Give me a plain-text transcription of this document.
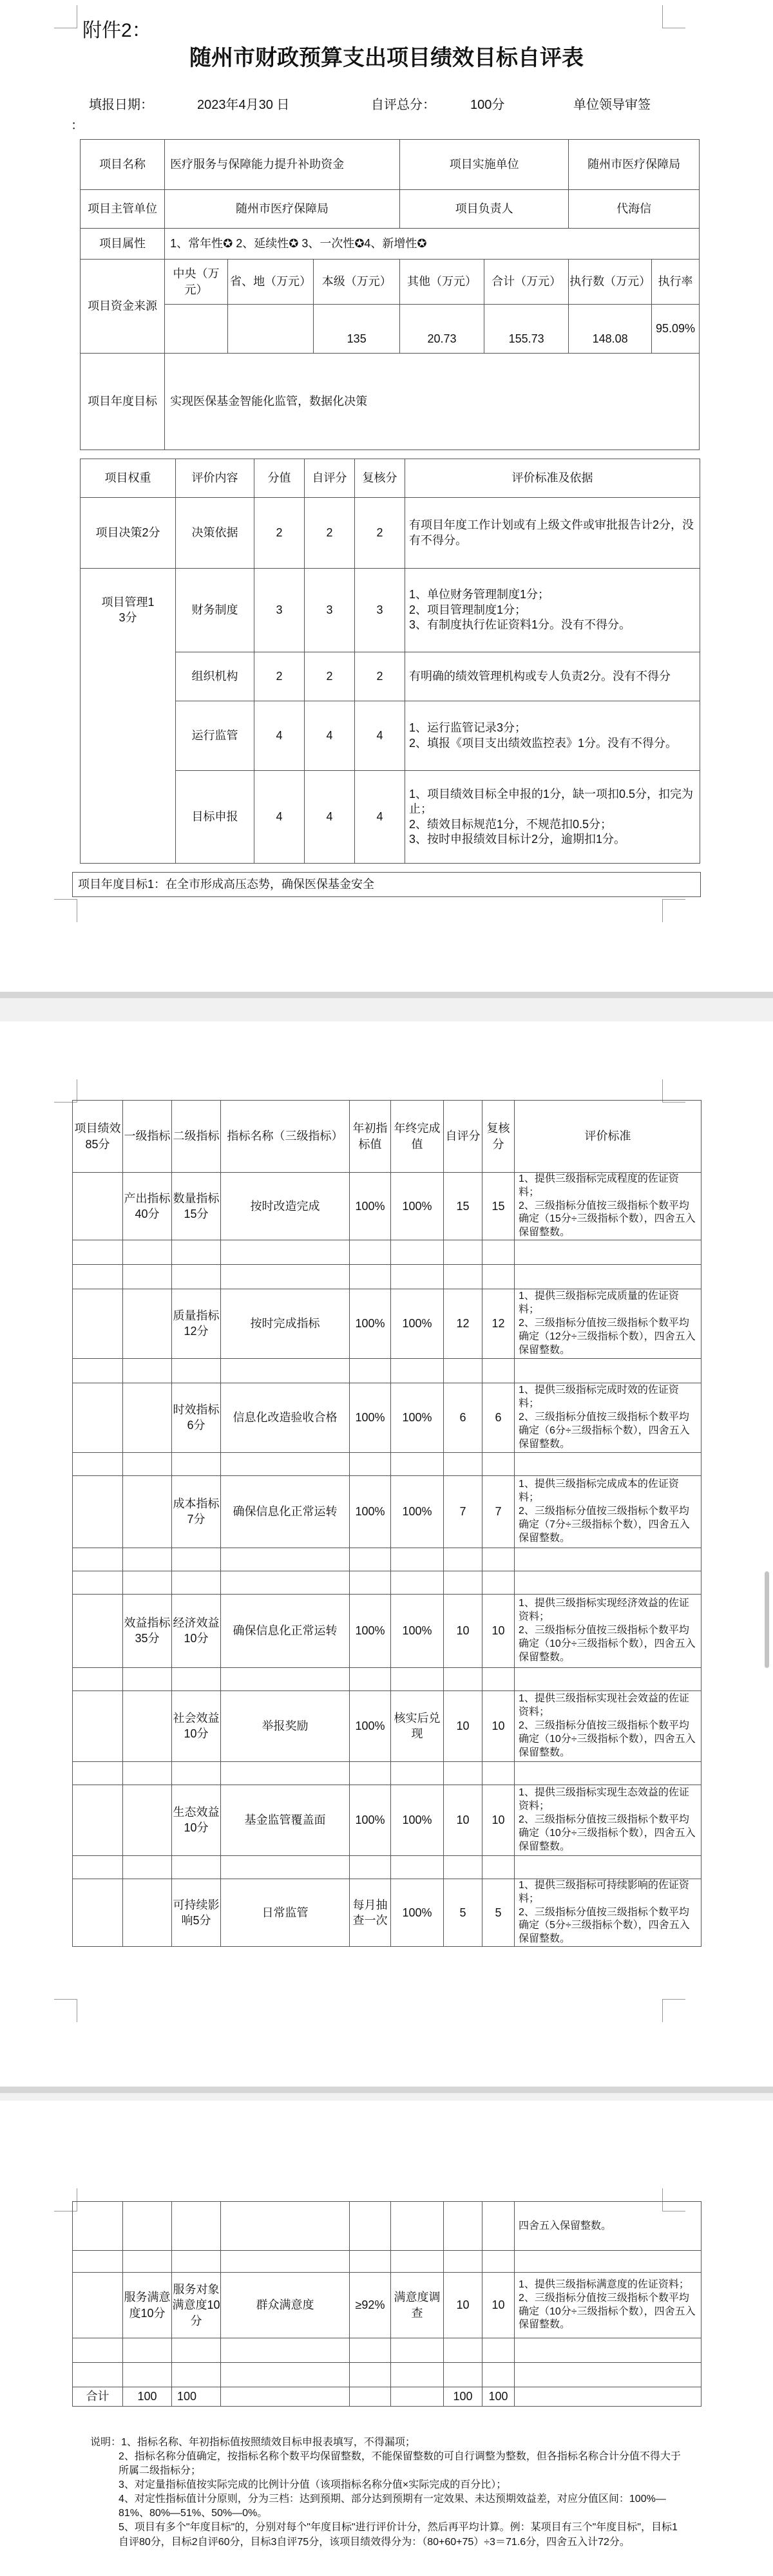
附件2：
随州市财政预算支出项目绩效目标自评表
填报日期：	2023年4月30 日
：
自评总分：	100分	单位领导审签
项目名称	医疗服务与保障能力提升补助资金			项目实施单位		随州市医疗保障局	
项目主管单位	随州市医疗保障局			项目负责人		代海信	
项目属性	1、常年性✪ 2、延续性✪ 3、一次性✪4、新增性✪						
项目资金来源	中央（万元）	省、地（万元）	本级（万元）	其他（万元）	合计（万元）	执行数（万元）	执行率
			135	20.73	155.73	148.08	95.09%
项目年度目标	实现医保基金智能化监管，数据化决策						
项目权重	评价内容	分值	自评分	复核分	评价标准及依据
项目决策2分	决策依据	2	2	2	有项目年度工作计划或有上级文件或审批报告计2分，没有不得分。

项目管理13分	财务制度	3	3	3	1、单位财务管理制度1分；
2、项目管理制度1分；
3、有制度执行佐证资料1分。没有不得分。

	组织机构	2	2	2	有明确的绩效管理机构或专人负责2分。没有不得分

	运行监管	4	4	4	1、运行监管记录3分；
2、填报《项目支出绩效监控表》1分。没有不得分。

	目标申报	4	4	4	1、项目绩效目标全申报的1分，缺一项扣0.5分，扣完为止；
2、绩效目标规范1分，不规范扣0.5分；
3、按时申报绩效目标计2分，逾期扣1分。
项目年度目标1：在全市形成高压态势，确保医保基金安全
项目绩效85分	一级指标	二级指标	指标名称（三级指标）	年初指标值	年终完成值	自评分	复核分	评价标准
	产出指标40分	数量指标15分	按时改造完成	100%	100%	15	15	1、提供三级指标完成程度的佐证资料；
2、三级指标分值按三级指标个数平均确定（15分÷三级指标个数），四舍五入保留整数。

		质量指标12分	按时完成指标	100%	100%	12	12	1、提供三级指标完成质量的佐证资料；
2、三级指标分值按三级指标个数平均确定（12分÷三级指标个数），四舍五入保留整数。

		时效指标6分	信息化改造验收合格	100%	100%	6	6	1、提供三级指标完成时效的佐证资料；
2、三级指标分值按三级指标个数平均确定（6分÷三级指标个数），四舍五入保留整数。

		成本指标7分	确保信息化正常运转	100%	100%	7	7	1、提供三级指标完成成本的佐证资料；
2、三级指标分值按三级指标个数平均确定（7分÷三级指标个数），四舍五入保留整数。

	效益指标35分	经济效益10分	确保信息化正常运转	100%	100%	10	10	1、提供三级指标实现经济效益的佐证资料；
2、三级指标分值按三级指标个数平均确定（10分÷三级指标个数），四舍五入保留整数。

		社会效益10分	举报奖励	100%	核实后兑现	10	10	1、提供三级指标实现社会效益的佐证资料；
2、三级指标分值按三级指标个数平均确定（10分÷三级指标个数），四舍五入保留整数。

		生态效益10分	基金监管覆盖面	100%	100%	10	10	1、提供三级指标实现生态效益的佐证资料；
2、三级指标分值按三级指标个数平均确定（10分÷三级指标个数），四舍五入保留整数。

		可持续影响5分	日常监管	每月抽查一次	100%	5	5	1、提供三级指标可持续影响的佐证资料；
2、三级指标分值按三级指标个数平均确定（5分÷三级指标个数），四舍五入保留整数。
								四舍五入保留整数。

	服务满意度10分	服务对象满意度10分	群众满意度	≥92%	满意度调查	10	10	1、提供三级指标满意度的佐证资料；
2、三级指标分值按三级指标个数平均确定（10分÷三级指标个数），四舍五入保留整数。

合计	100	100				100	100	
说明：1、指标名称、年初指标值按照绩效目标申报表填写，不得漏项；
2、指标名称分值确定，按指标名称个数平均保留整数，不能保留整数的可自行调整为整数，但各指标名称合计分值不得大于所属二级指标分；
3、对定量指标值按实际完成的比例计分值（该项指标名称分值×实际完成的百分比）；
4、对定性指标值计分原则，分为三档：达到预期、部分达到预期有一定效果、未达预期效益差，对应分值区间：100%—81%、80%—51%、50%—0%。
5、项目有多个"年度目标"的，分别对每个"年度目标"进行评价计分，然后再平均计算。例：某项目有三个"年度目标"，目标1自评80分，目标2自评60分，目标3自评75分，该项目绩效得分为：（80+60+75）÷3＝71.6分，四舍五入计72分。
